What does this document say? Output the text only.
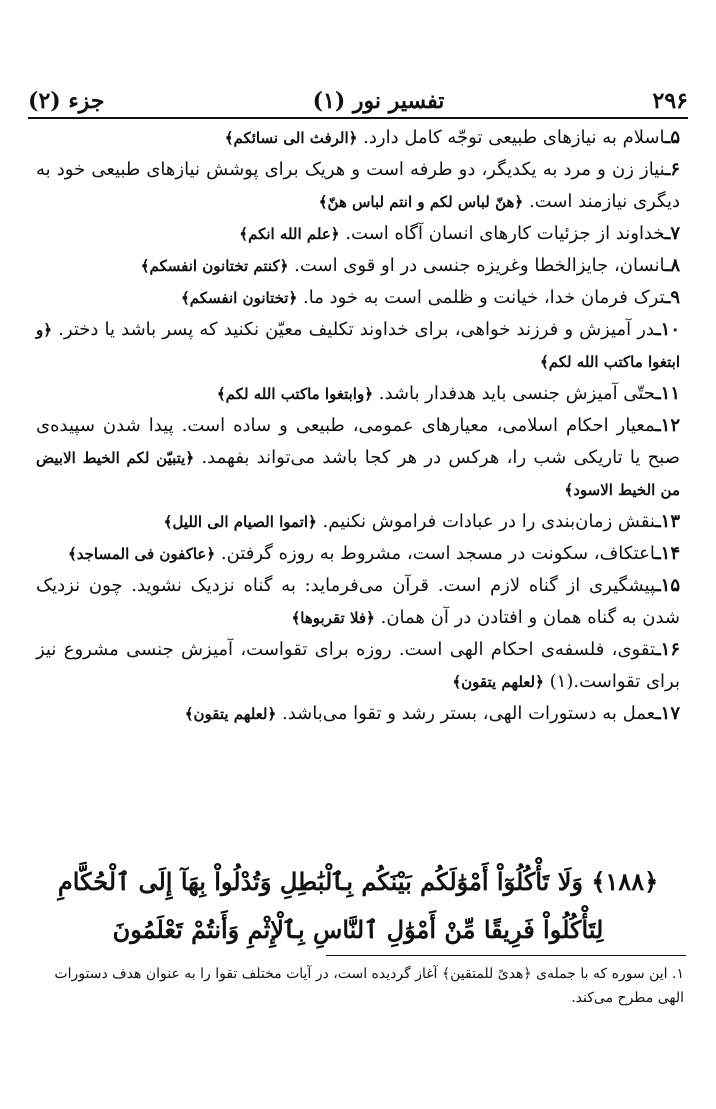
۲۹۶
تفسیر نور (۱)
جزء (۲)

۵ـاسلام به نیازهای طبیعی توجّه کامل دارد. ﴿الرفث الی نسائکم﴾

۶ـنیاز زن و مرد به یکدیگر، دو طرفه است و هریک برای پوشش نیازهای طبیعی خود به دیگری نیازمند است. ﴿هنّ لباس لکم و انتم لباس هنّ﴾

۷ـخداوند از جزئیات کارهای انسان آگاه است. ﴿علم الله انکم﴾

۸ـانسان، جایزالخطا وغریزه جنسی در او قوی است. ﴿کنتم تختانون انفسکم﴾

۹ـترک فرمان خدا، خیانت و ظلمی است به خود ما. ﴿تختانون انفسکم﴾

۱۰ـدر آمیزش و فرزند خواهی، برای خداوند تکلیف معیّن نکنید که پسر باشد یا دختر. ﴿و ابتغوا ماکتب الله لکم﴾

۱۱ـحتّی آمیزش جنسی باید هدفدار باشد. ﴿وابتغوا ماکتب الله لکم﴾

۱۲ـمعیار احکام اسلامی، معیارهای عمومی، طبیعی و ساده است. پیدا شدن سپیده‌ی صبح یا تاریکی شب را، هرکس در هر کجا باشد می‌تواند بفهمد. ﴿یتبیّن لکم الخیط الابیض من الخیط الاسود﴾

۱۳ـنقش زمان‌بندی را در عبادات فراموش نکنیم. ﴿اتموا الصیام الی اللیل﴾

۱۴ـاعتکاف، سکونت در مسجد است، مشروط به روزه گرفتن. ﴿عاکفون فی المساجد﴾

۱۵ـپیشگیری از گناه لازم است. قرآن می‌فرماید: به گناه نزدیک نشوید. چون نزدیک شدن به گناه همان و افتادن در آن همان. ﴿فلا تقربوها﴾

۱۶ـتقوی، فلسفه‌ی احکام الهی است. روزه برای تقواست، آمیزش جنسی مشروع نیز برای تقواست.(۱) ﴿لعلهم یتقون﴾

۱۷ـعمل به دستورات الهی، بستر رشد و تقوا می‌باشد. ﴿لعلهم یتقون﴾

﴿۱۸۸﴾ وَلَا تَأْكُلُوٓاْ أَمْوَٰلَكُم بَيْنَكُم بِٱلْبَٰطِلِ وَتُدْلُواْ بِهَآ إِلَى ٱلْحُكَّامِ لِتَأْكُلُواْ فَرِيقًا مِّنْ أَمْوَٰلِ ٱلنَّاسِ بِٱلْإِثْمِ وَأَنتُمْ تَعْلَمُونَ
۱. این سوره که با جمله‌ی ﴿هدیً للمتقین﴾ آغاز گردیده است، در آیات مختلف تقوا را به عنوان هدف دستورات الهی مطرح می‌کند.
